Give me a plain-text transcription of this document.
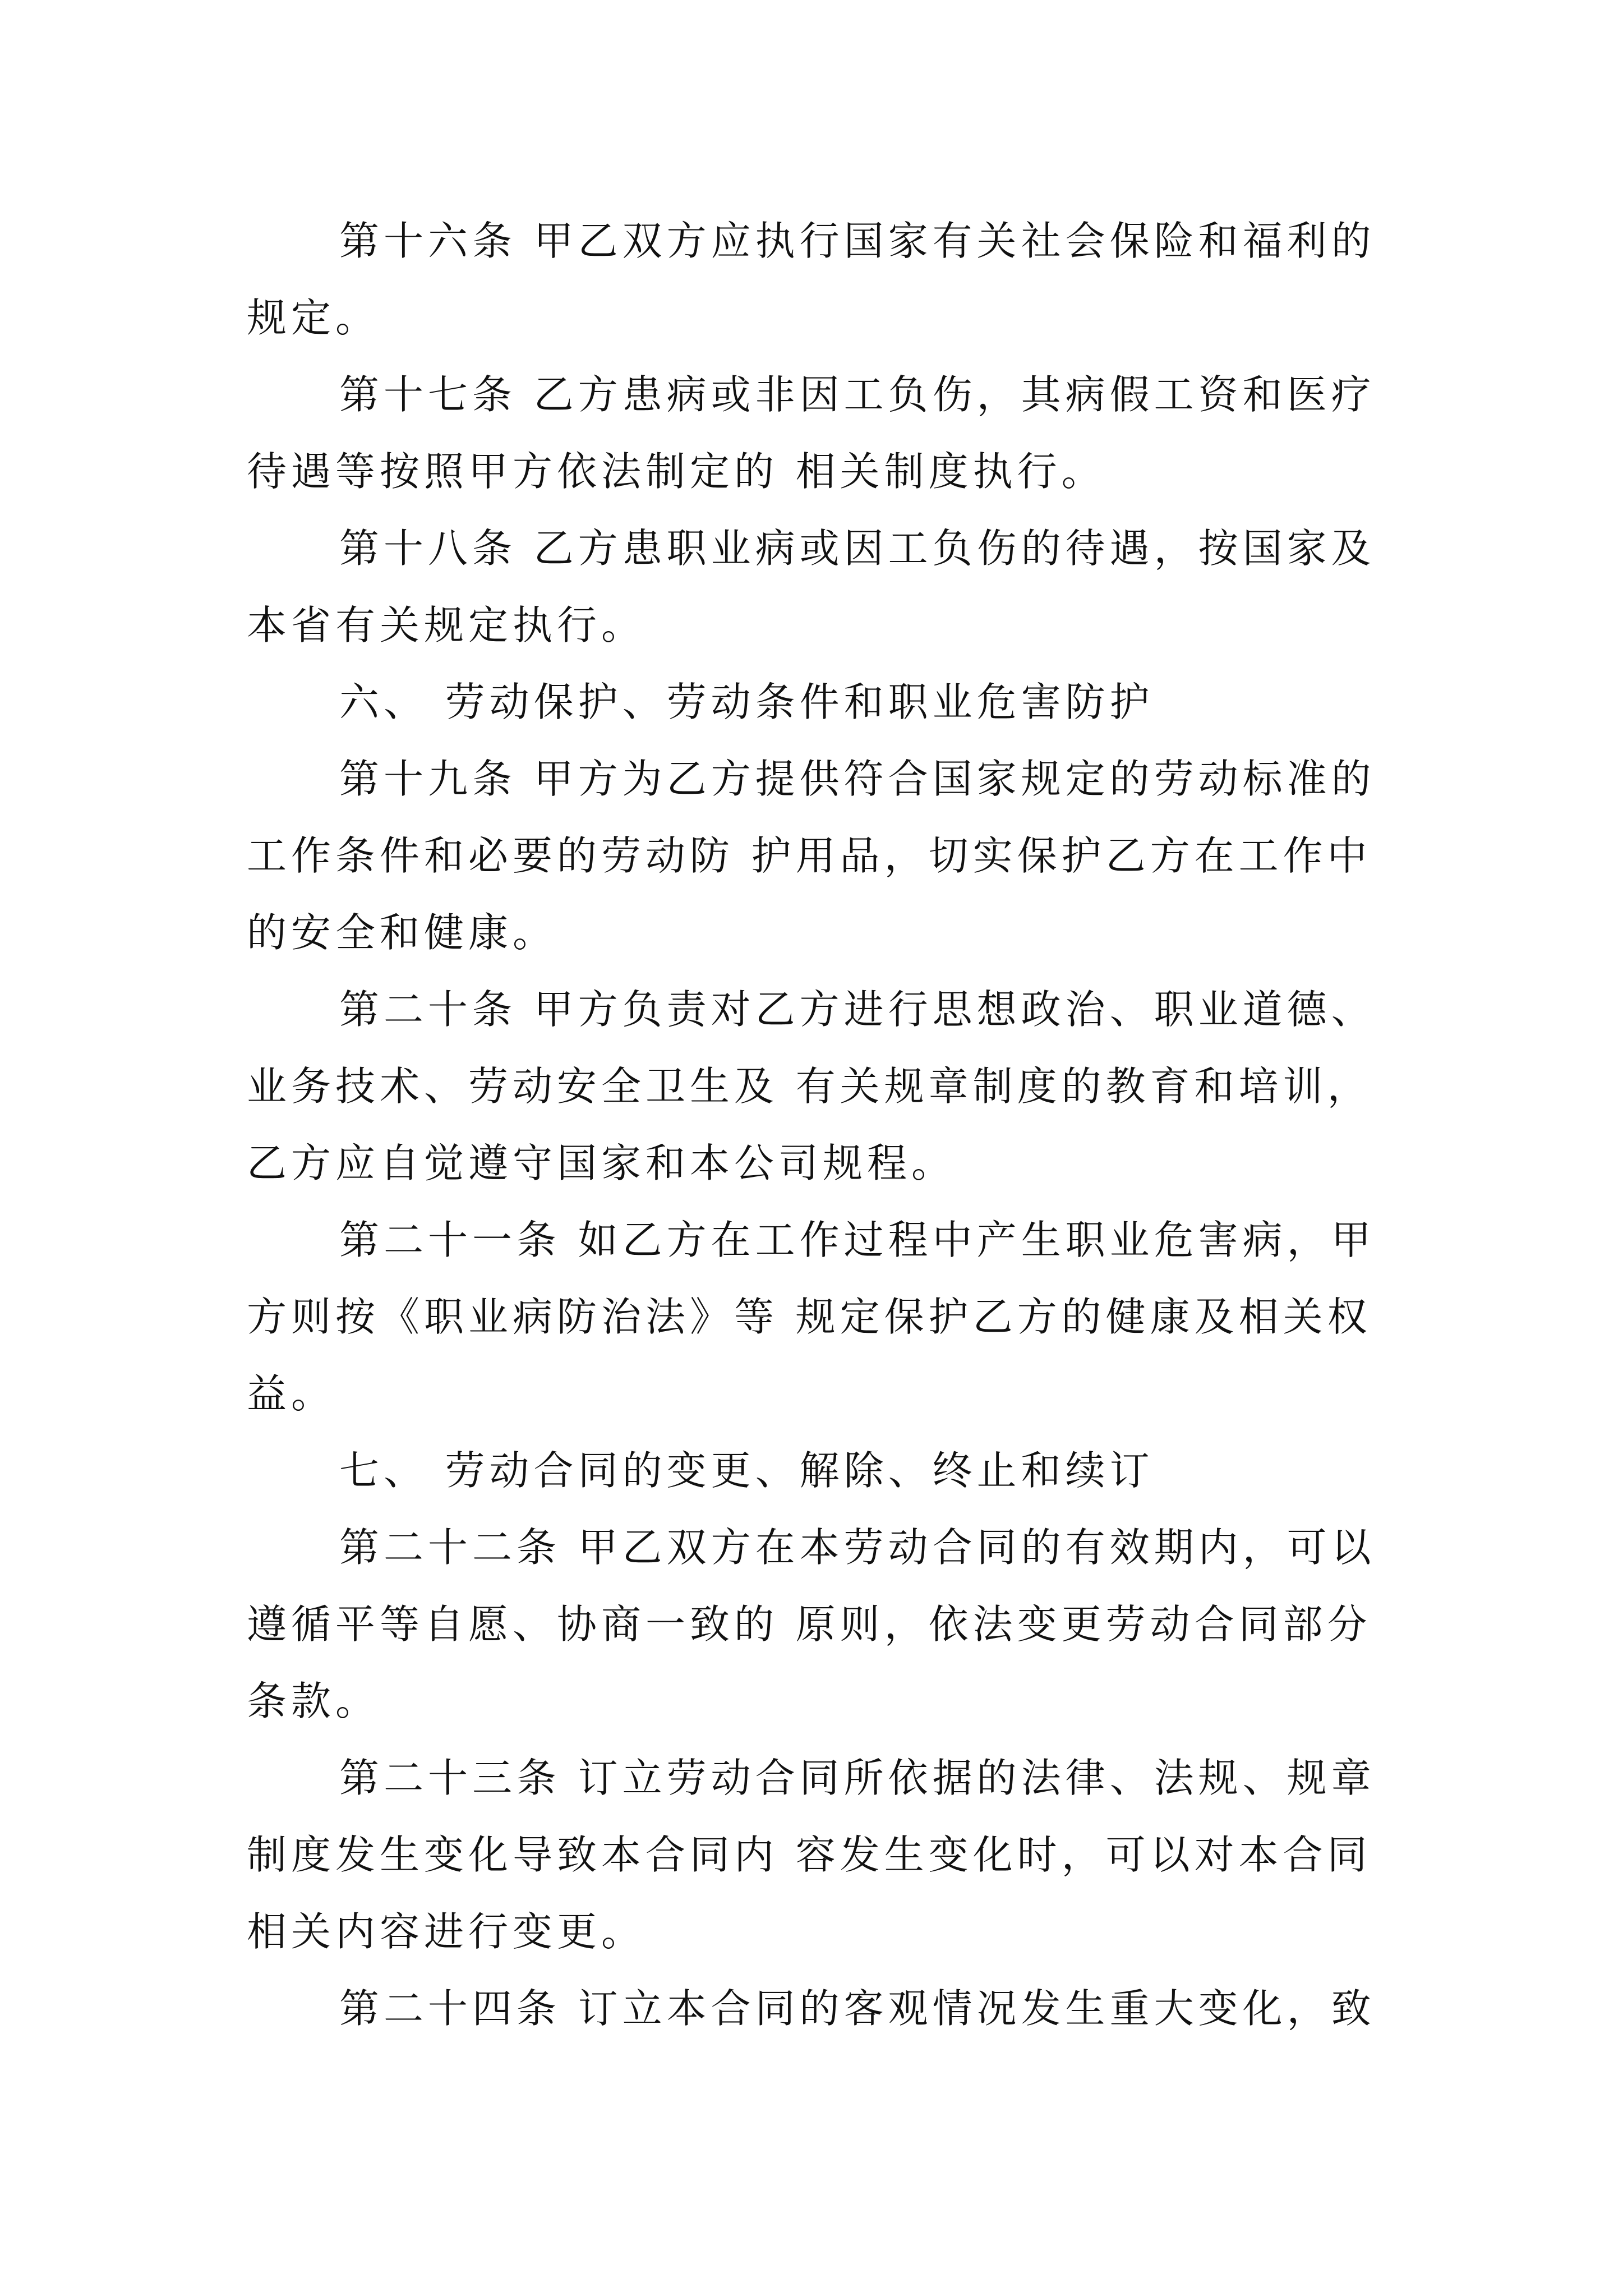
第十六条 甲乙双方应执行国家有关社会保险和福利的
规定。
第十七条 乙方患病或非因工负伤，其病假工资和医疗
待遇等按照甲方依法制定的 相关制度执行。
第十八条 乙方患职业病或因工负伤的待遇，按国家及
本省有关规定执行。
六、 劳动保护、劳动条件和职业危害防护
第十九条 甲方为乙方提供符合国家规定的劳动标准的
工作条件和必要的劳动防 护用品，切实保护乙方在工作中
的安全和健康。
第二十条 甲方负责对乙方进行思想政治、职业道德、
业务技术、劳动安全卫生及 有关规章制度的教育和培训，
乙方应自觉遵守国家和本公司规程。
第二十一条 如乙方在工作过程中产生职业危害病，甲
方则按《职业病防治法》等 规定保护乙方的健康及相关权
益。
七、 劳动合同的变更、解除、终止和续订
第二十二条 甲乙双方在本劳动合同的有效期内，可以
遵循平等自愿、协商一致的 原则，依法变更劳动合同部分
条款。
第二十三条 订立劳动合同所依据的法律、法规、规章
制度发生变化导致本合同内 容发生变化时，可以对本合同
相关内容进行变更。
第二十四条 订立本合同的客观情况发生重大变化，致
